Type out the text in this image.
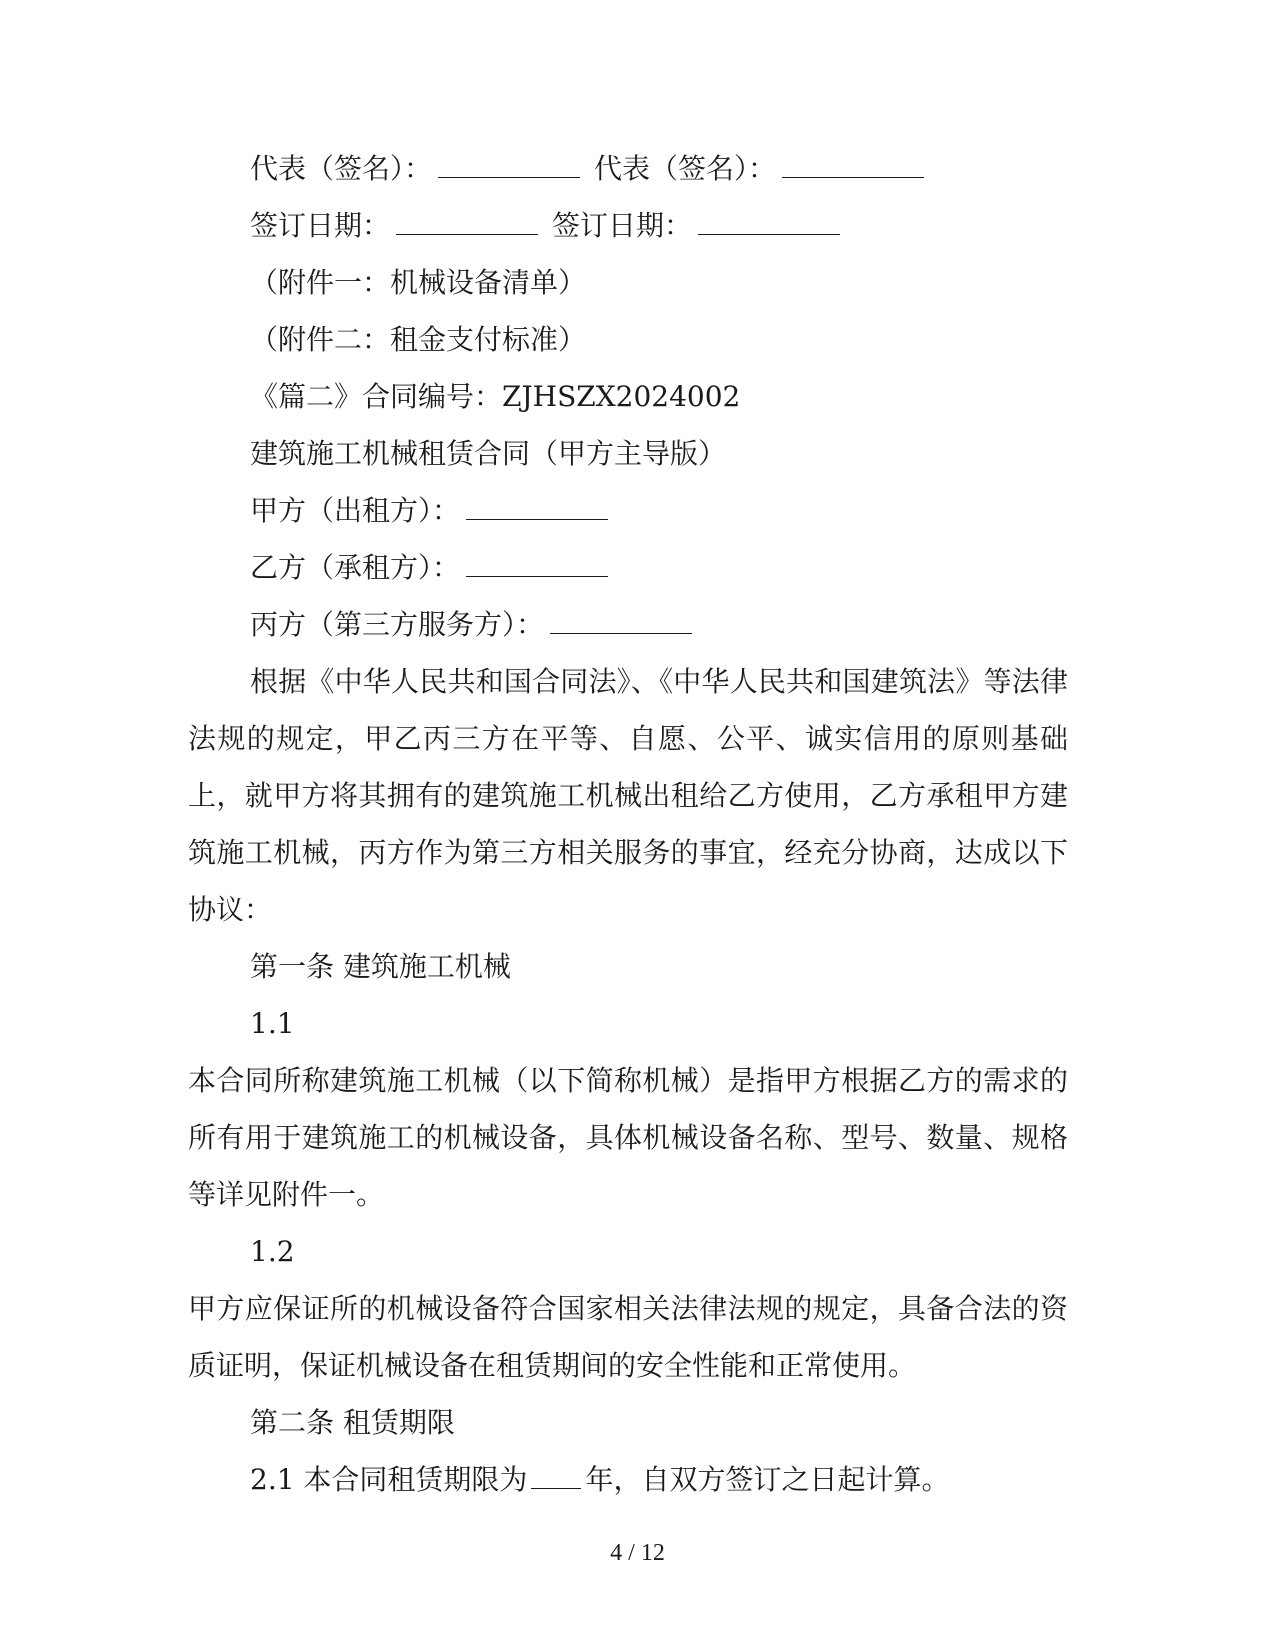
代表（签名）：	代表（签名）：
签订日期：	签订日期：
（附件一：机械设备清单）
（附件二：租金支付标准）
《篇二》合同编号：ZJHSZX2024002
建筑施工机械租赁合同（甲方主导版）
甲方（出租方）：
乙方（承租方）：
丙方（第三方服务方）：

根据《中华人民共和国合同法》、《中华人民共和国建筑法》等法律法规的规定，甲乙丙三方在平等、自愿、公平、诚实信用的原则基础上，就甲方将其拥有的建筑施工机械出租给乙方使用，乙方承租甲方建筑施工机械，丙方作为第三方相关服务的事宜，经充分协商，达成以下协议：

第一条 建筑施工机械
1.1

本合同所称建筑施工机械（以下简称机械）是指甲方根据乙方的需求的所有用于建筑施工的机械设备，具体机械设备名称、型号、数量、规格等详见附件一。

1.2

甲方应保证所的机械设备符合国家相关法律法规的规定，具备合法的资质证明，保证机械设备在租赁期间的安全性能和正常使用。

第二条 租赁期限
2.1 本合同租赁期限为 年，自双方签订之日起计算。
4 / 12
